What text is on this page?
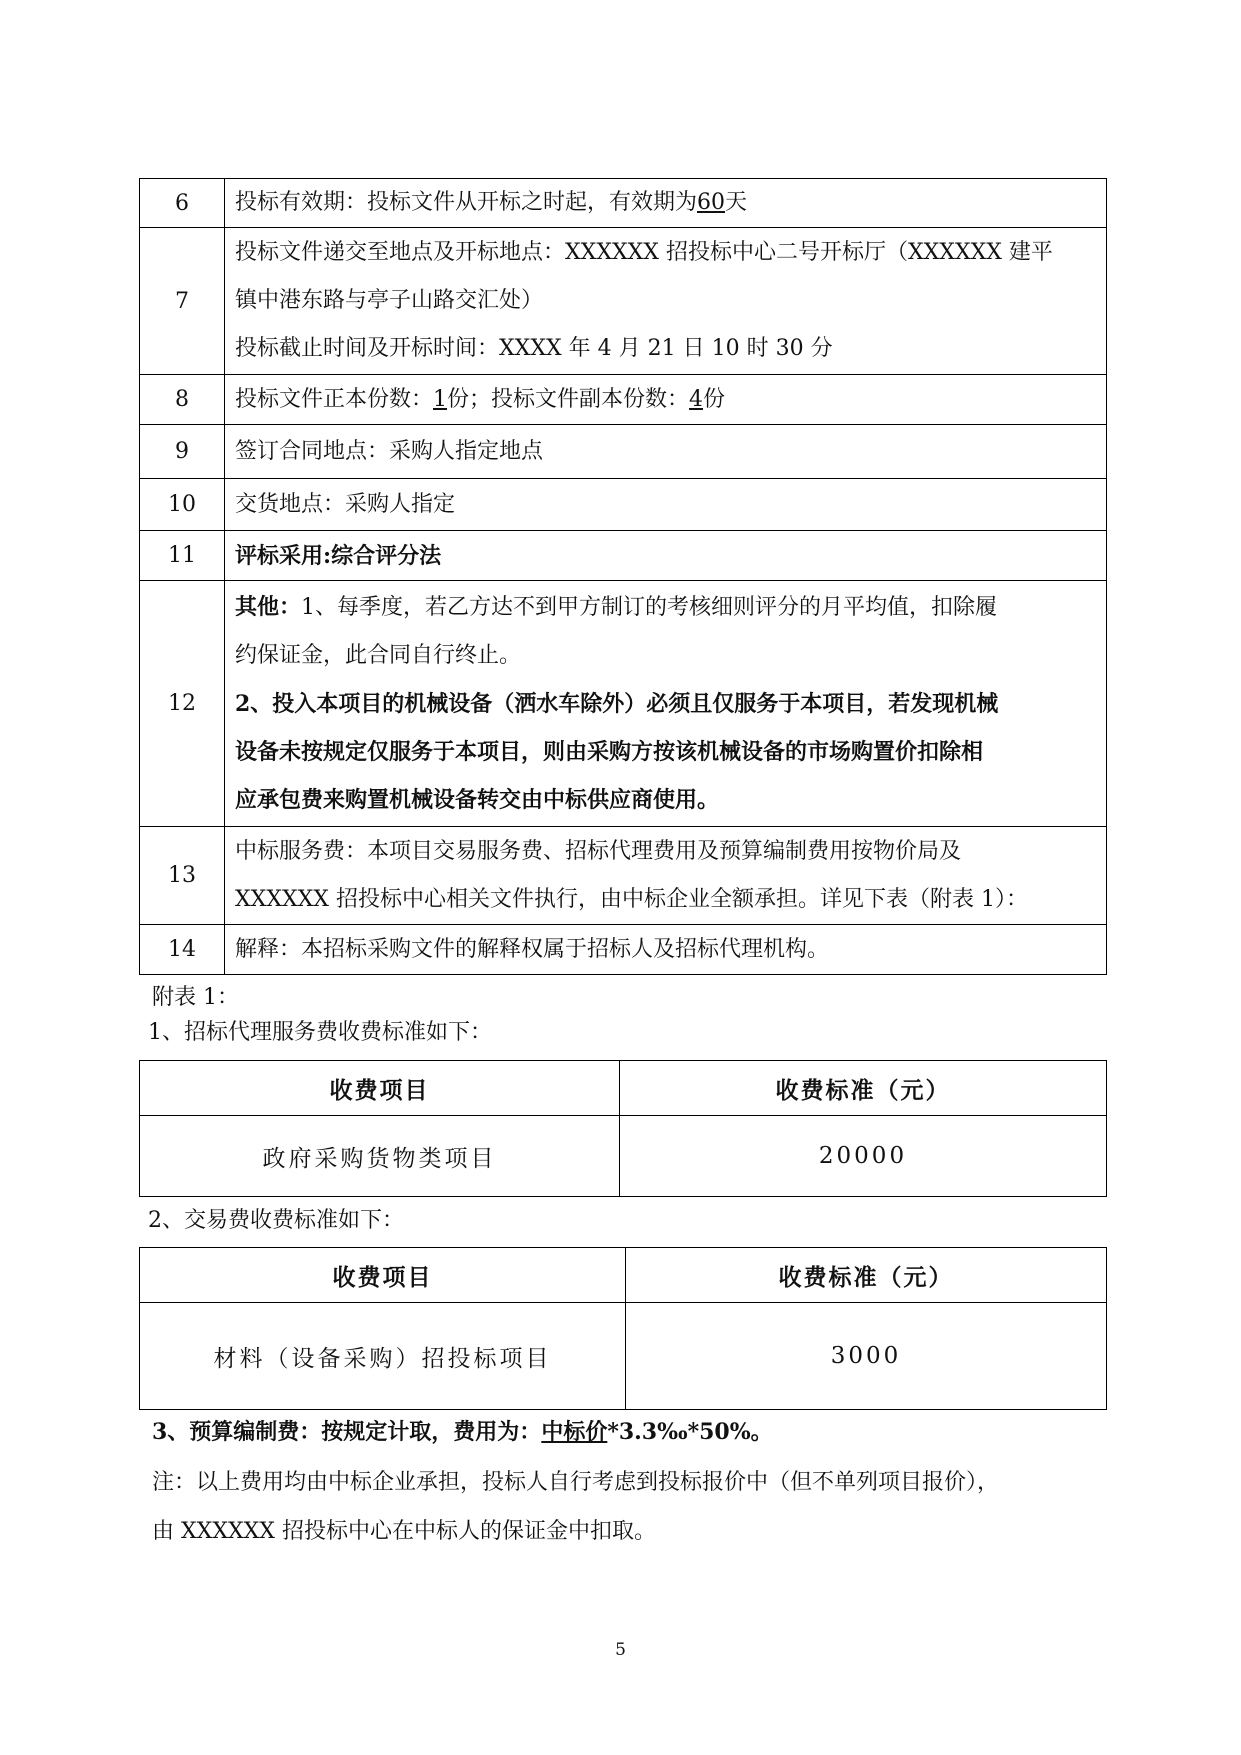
6	投标有效期：投标文件从开标之时起，有效期为60天
7	投标文件递交至地点及开标地点：XXXXXX 招投标中心二号开标厅（XXXXXX 建平
镇中港东路与亭子山路交汇处）
投标截止时间及开标时间：XXXX 年 4 月 21 日 10 时 30 分

8	投标文件正本份数：1份；投标文件副本份数：4份
9	签订合同地点：采购人指定地点
10	交货地点：采购人指定
11	评标采用:综合评分法
12	其他：1、每季度，若乙方达不到甲方制订的考核细则评分的月平均值，扣除履
约保证金，此合同自行终止。
2、投入本项目的机械设备（洒水车除外）必须且仅服务于本项目，若发现机械
设备未按规定仅服务于本项目，则由采购方按该机械设备的市场购置价扣除相
应承包费来购置机械设备转交由中标供应商使用。

13	中标服务费：本项目交易服务费、招标代理费用及预算编制费用按物价局及
XXXXXX 招投标中心相关文件执行，由中标企业全额承担。详见下表（附表 1）：

14	解释：本招标采购文件的解释权属于招标人及招标代理机构。
附表 1：
1、招标代理服务费收费标准如下：
收费项目	收费标准（元）
政府采购货物类项目	20000
2、交易费收费标准如下：
收费项目	收费标准（元）
材料（设备采购）招投标项目	3000
3、预算编制费：按规定计取，费用为：中标价*3.3‰*50%。
注：以上费用均由中标企业承担，投标人自行考虑到投标报价中（但不单列项目报价），
由 XXXXXX 招投标中心在中标人的保证金中扣取。
5
